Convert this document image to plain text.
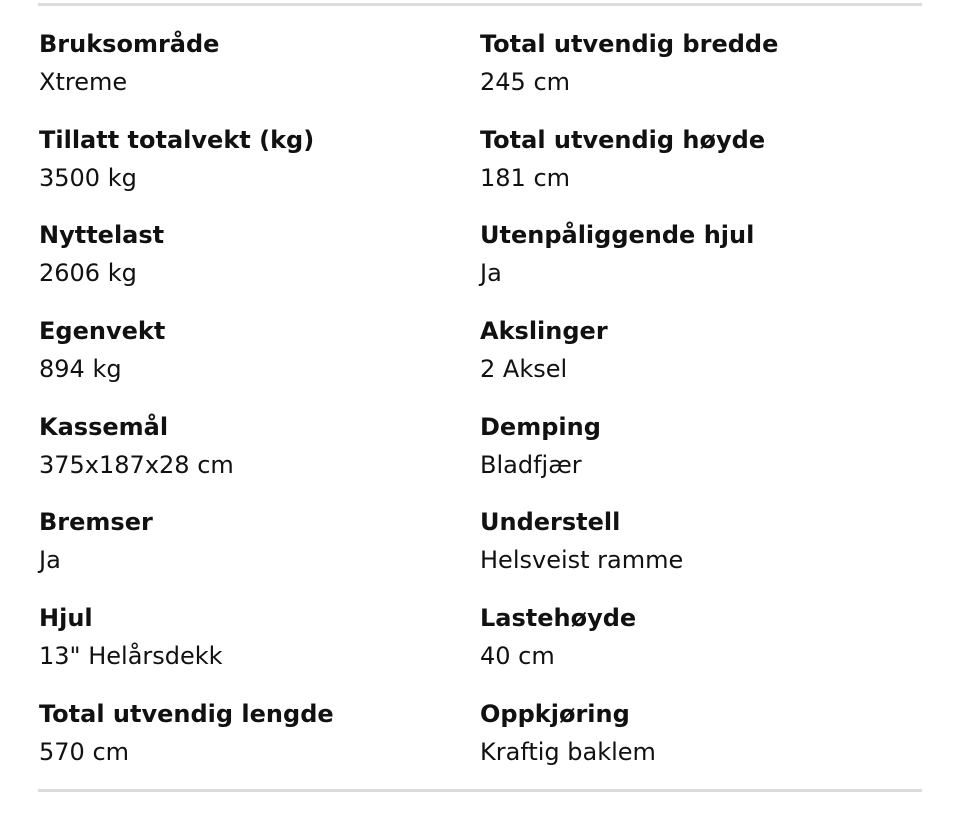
Bruksområde
Xtreme
Total utvendig bredde
245 cm
Tillatt totalvekt (kg)
3500 kg
Total utvendig høyde
181 cm
Nyttelast
2606 kg
Utenpåliggende hjul
Ja
Egenvekt
894 kg
Akslinger
2 Aksel
Kassemål
375x187x28 cm
Demping
Bladfjær
Bremser
Ja
Understell
Helsveist ramme
Hjul
13" Helårsdekk
Lastehøyde
40 cm
Total utvendig lengde
570 cm
Oppkjøring
Kraftig baklem
